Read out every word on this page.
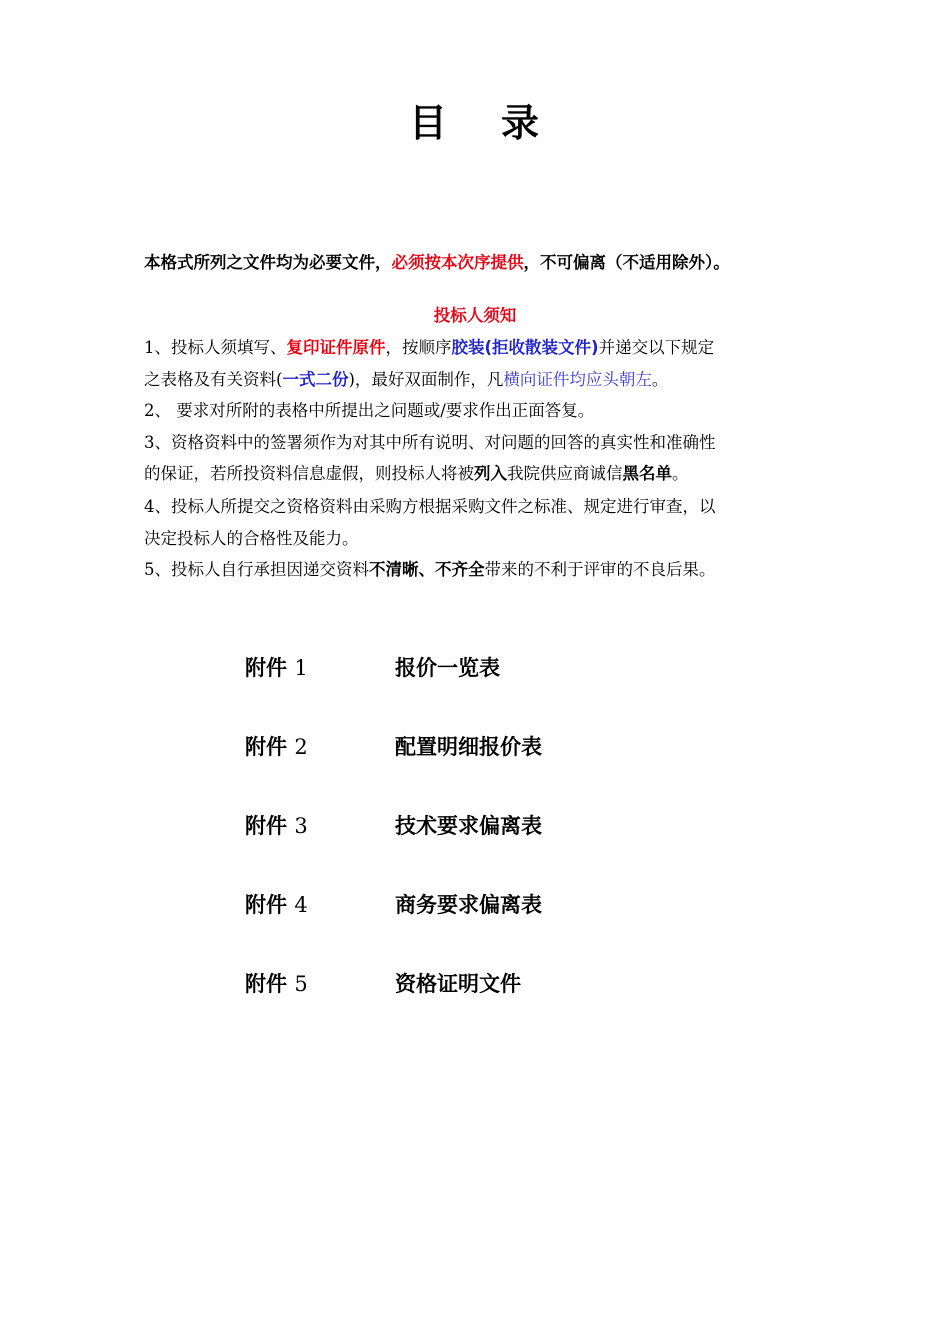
目 录
本格式所列之文件均为必要文件，必须按本次序提供，不可偏离（不适用除外）。
投标人须知

1、投标人须填写、复印证件原件，按顺序胶装(拒收散装文件)并递交以下规定

之表格及有关资料(一式二份)，最好双面制作，凡横向证件均应头朝左。

2、 要求对所附的表格中所提出之问题或/要求作出正面答复。

3、资格资料中的签署须作为对其中所有说明、对问题的回答的真实性和准确性

的保证，若所投资料信息虚假，则投标人将被列入我院供应商诚信黑名单。

4、投标人所提交之资格资料由采购方根据采购文件之标准、规定进行审查，以

决定投标人的合格性及能力。

5、投标人自行承担因递交资料不清晰、不齐全带来的不利于评审的不良后果。

附件 1	报价一览表
附件 2	配置明细报价表
附件 3	技术要求偏离表
附件 4	商务要求偏离表
附件 5	资格证明文件
